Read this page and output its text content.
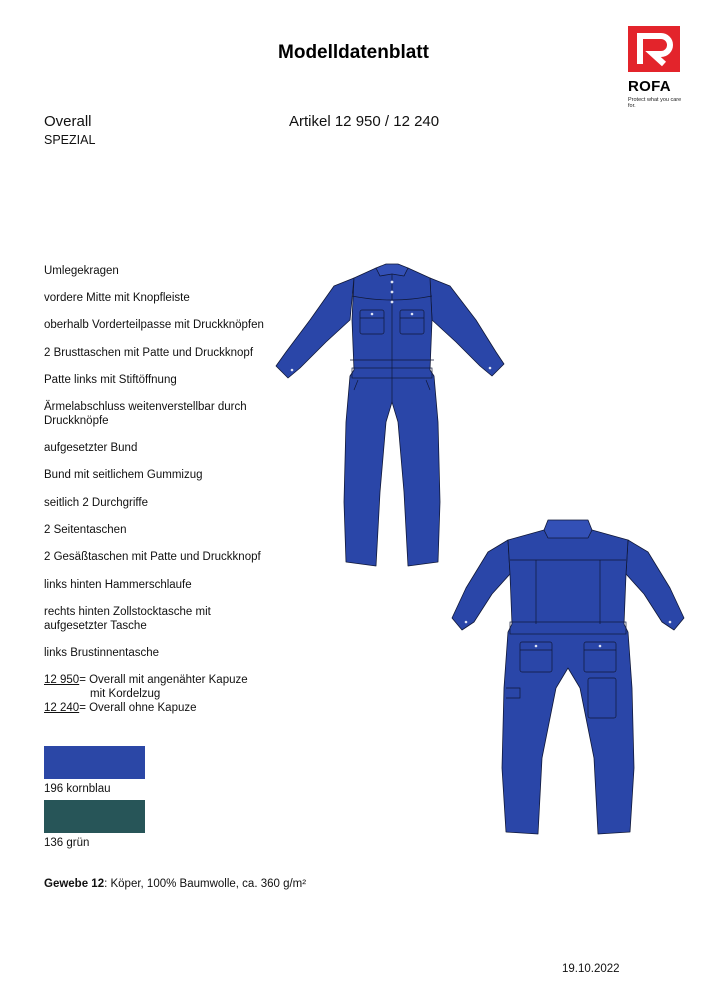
Modelldatenblatt
ROFA
Protect what you care for.
Overall
SPEZIAL
Artikel 12 950 / 12 240
Umlegekragen
vordere Mitte mit Knopfleiste
oberhalb Vorderteilpasse mit Druckknöpfen
2 Brusttaschen mit Patte und Druckknopf
Patte links mit Stiftöffnung
Ärmelabschluss weitenverstellbar durch Druckknöpfe
aufgesetzter Bund
Bund mit seitlichem Gummizug
seitlich 2 Durchgriffe
2 Seitentaschen
2 Gesäßtaschen mit Patte und Druckknopf
links hinten Hammerschlaufe
rechts hinten Zollstocktasche mit aufgesetzter Tasche
links Brustinnentasche
12 950= Overall mit angenähter Kapuze
mit Kordelzug
12 240= Overall ohne Kapuze
196 kornblau
136 grün
Gewebe 12: Köper, 100% Baumwolle, ca. 360 g/m²
19.10.2022
